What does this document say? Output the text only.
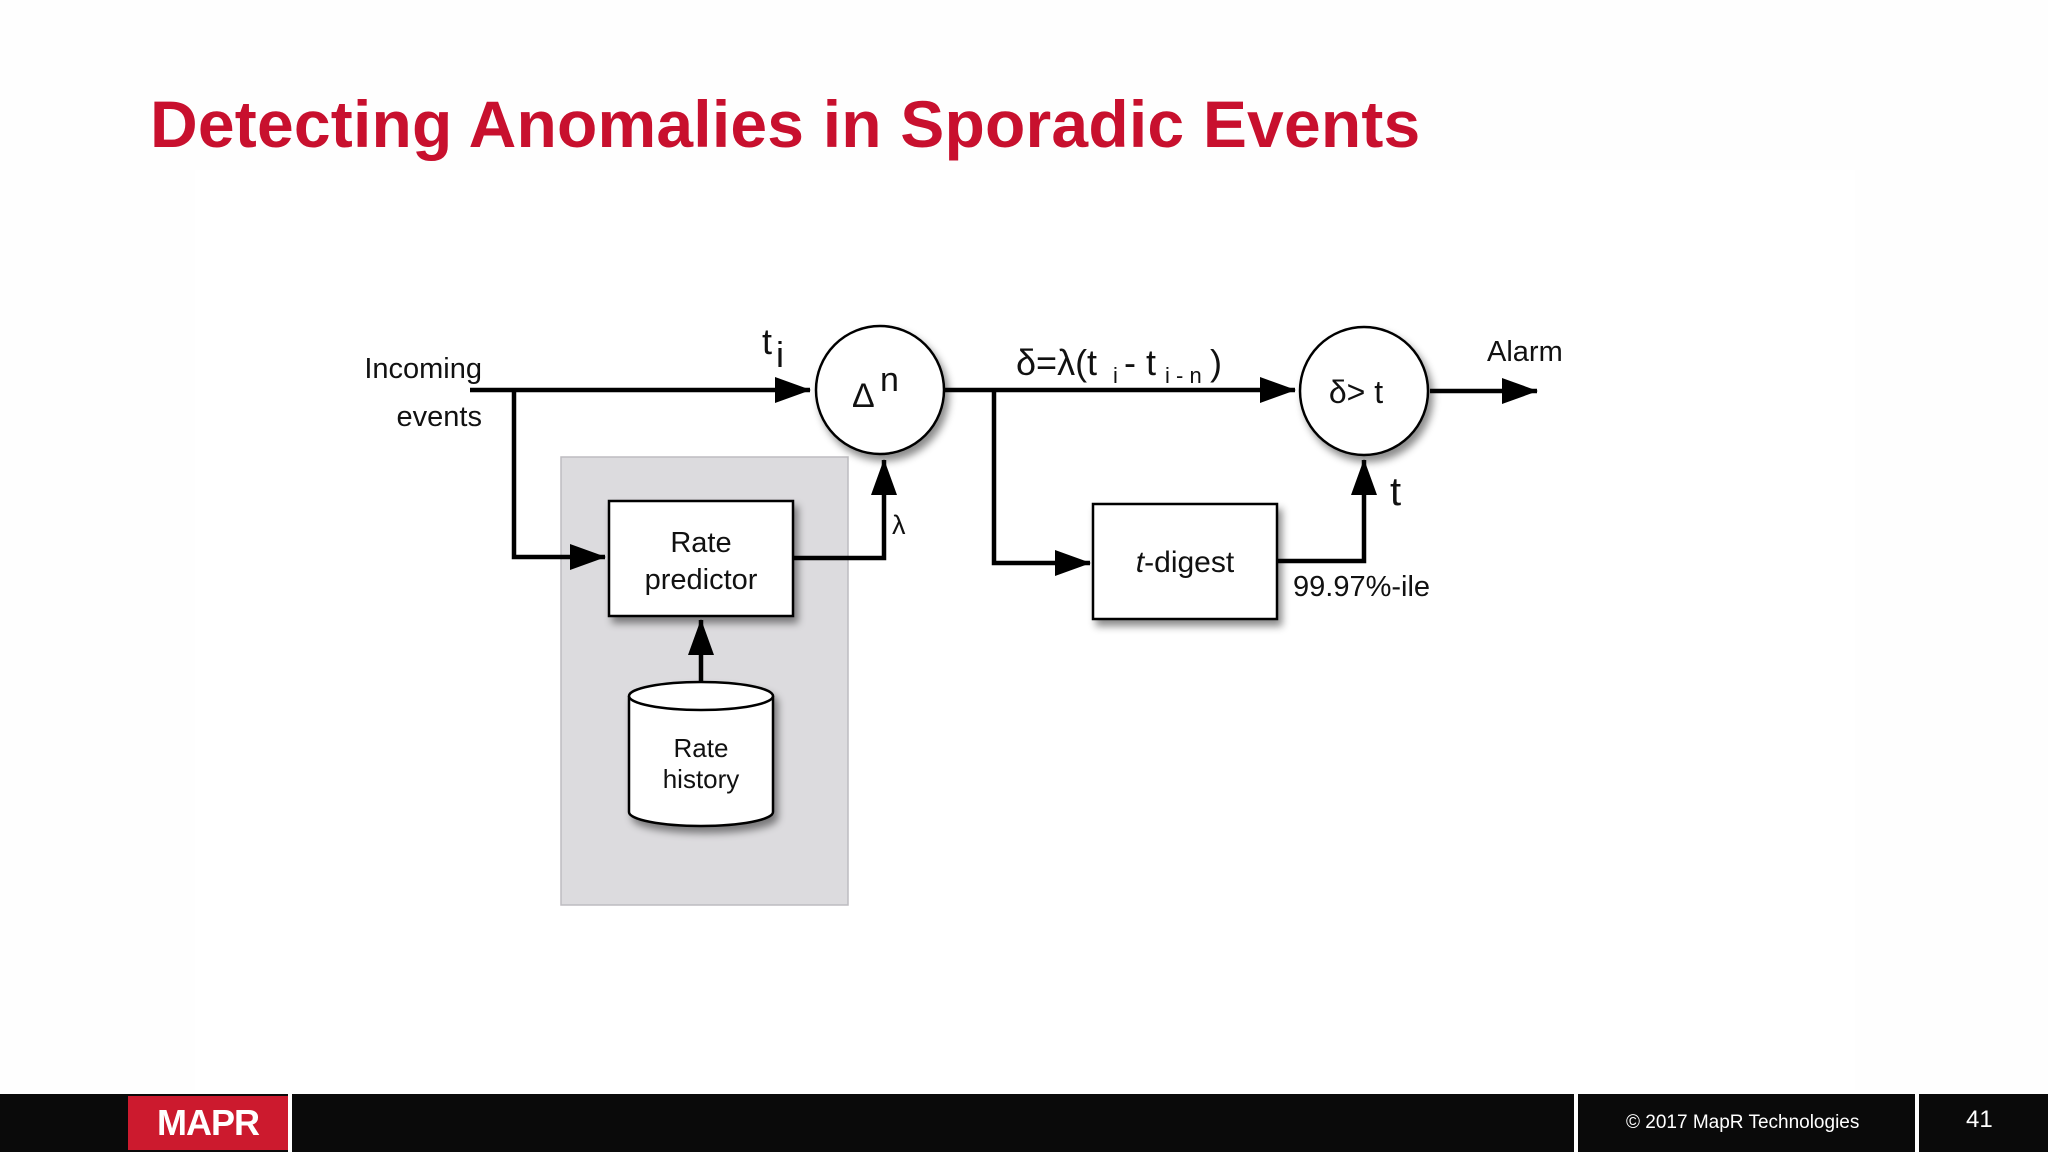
Detecting Anomalies in Sporadic Events
Rate
predictor
λ
Rate
history
Δ n
t-digest
99.97%-ile
t
δ> t
Alarm
Incoming
events
t i	δ=λ(t i - t i - n )
MAPR	© 2017 MapR Technologies	41
